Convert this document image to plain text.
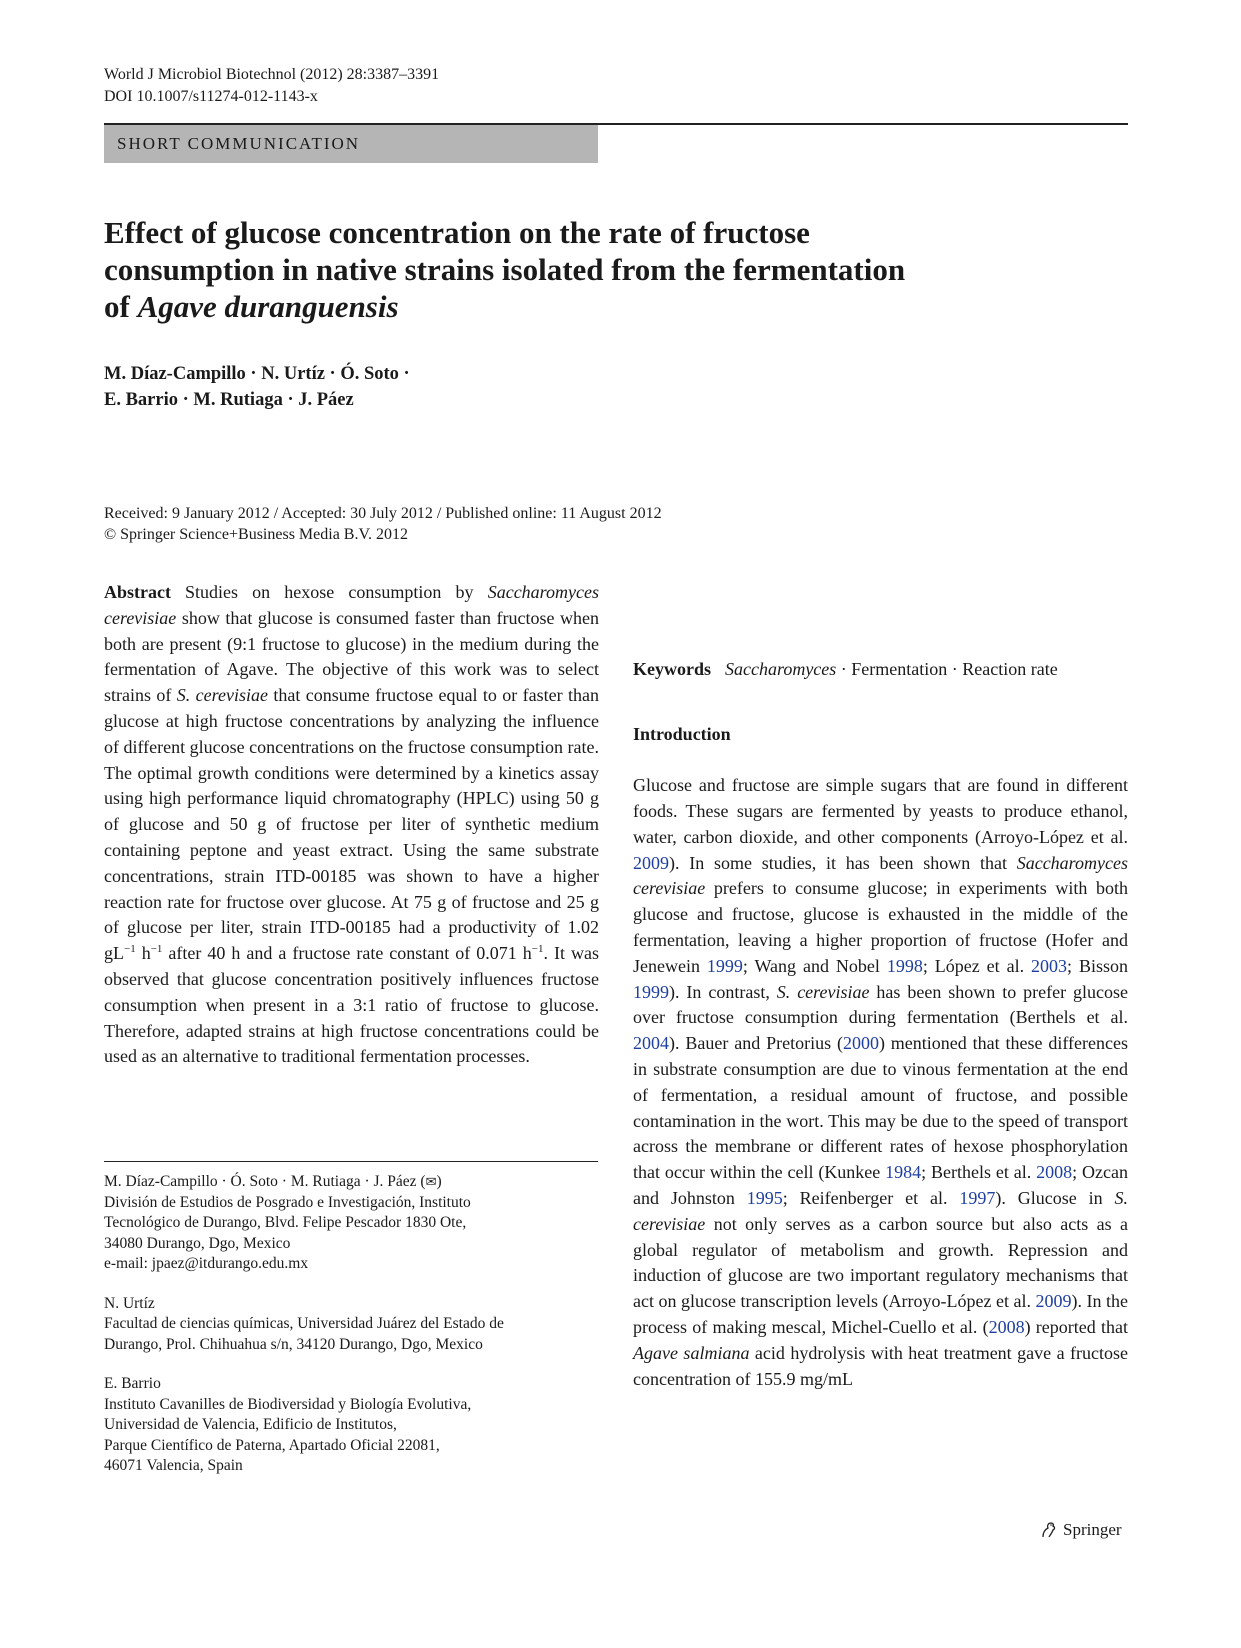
World J Microbiol Biotechnol (2012) 28:3387–3391
DOI 10.1007/s11274-012-1143-x
SHORT COMMUNICATION
Effect of glucose concentration on the rate of fructose
consumption in native strains isolated from the fermentation
of Agave duranguensis
M. Díaz-Campillo · N. Urtíz · Ó. Soto ·
E. Barrio · M. Rutiaga · J. Páez
Received: 9 January 2012 / Accepted: 30 July 2012 / Published online: 11 August 2012
© Springer Science+Business Media B.V. 2012

Abstract Studies on hexose consumption by Saccharomyces cerevisiae show that glucose is consumed faster than fructose when both are present (9:1 fructose to glucose) in the medium during the fermentation of Agave. The objective of this work was to select strains of S. cerevisiae that consume fructose equal to or faster than glucose at high fructose concentrations by analyzing the influence of different glucose concentrations on the fructose consumption rate. The optimal growth conditions were determined by a kinetics assay using high performance liquid chromatography (HPLC) using 50 g of glucose and 50 g of fructose per liter of synthetic medium containing peptone and yeast extract. Using the same substrate concentrations, strain ITD-00185 was shown to have a higher reaction rate for fructose over glucose. At 75 g of fructose and 25 g of glucose per liter, strain ITD-00185 had a productivity of 1.02 $gL^{-1}$ $h^{-1}$ after 40 h and a fructose rate constant of 0.071 $h^{-1}$. It was observed that glucose concentration positively influences fructose consumption when present in a 3:1 ratio of fructose to glucose. Therefore, adapted strains at high fructose concentrations could be used as an alternative to traditional fermentation processes.

Keywords Saccharomyces · Fermentation · Reaction rate

Introduction

Glucose and fructose are simple sugars that are found in different foods. These sugars are fermented by yeasts to produce ethanol, water, carbon dioxide, and other components (Arroyo-López et al. 2009). In some studies, it has been shown that Saccharomyces cerevisiae prefers to consume glucose; in experiments with both glucose and fructose, glucose is exhausted in the middle of the fermentation, leaving a higher proportion of fructose (Hofer and Jenewein 1999; Wang and Nobel 1998; López et al. 2003; Bisson 1999). In contrast, S. cerevisiae has been shown to prefer glucose over fructose consumption during fermentation (Berthels et al. 2004). Bauer and Pretorius (2000) mentioned that these differences in substrate consumption are due to vinous fermentation at the end of fermentation, a residual amount of fructose, and possible contamination in the wort. This may be due to the speed of transport across the membrane or different rates of hexose phosphorylation that occur within the cell (Kunkee 1984; Berthels et al. 2008; Ozcan and Johnston 1995; Reifenberger et al. 1997). Glucose in S. cerevisiae not only serves as a carbon source but also acts as a global regulator of metabolism and growth. Repression and induction of glucose are two important regulatory mechanisms that act on glucose transcription levels (Arroyo-López et al. 2009). In the process of making mescal, Michel-Cuello et al. (2008) reported that Agave salmiana acid hydrolysis with heat treatment gave a fructose concentration of 155.9 mg/mL

M. Díaz-Campillo · Ó. Soto · M. Rutiaga · J. Páez (✉)
División de Estudios de Posgrado e Investigación, Instituto
Tecnológico de Durango, Blvd. Felipe Pescador 1830 Ote,
34080 Durango, Dgo, Mexico
e-mail: jpaez@itdurango.edu.mx
N. Urtíz
Facultad de ciencias químicas, Universidad Juárez del Estado de
Durango, Prol. Chihuahua s/n, 34120 Durango, Dgo, Mexico
E. Barrio
Instituto Cavanilles de Biodiversidad y Biología Evolutiva,
Universidad de Valencia, Edificio de Institutos,
Parque Científico de Paterna, Apartado Oficial 22081,
46071 Valencia, Spain
Springer
